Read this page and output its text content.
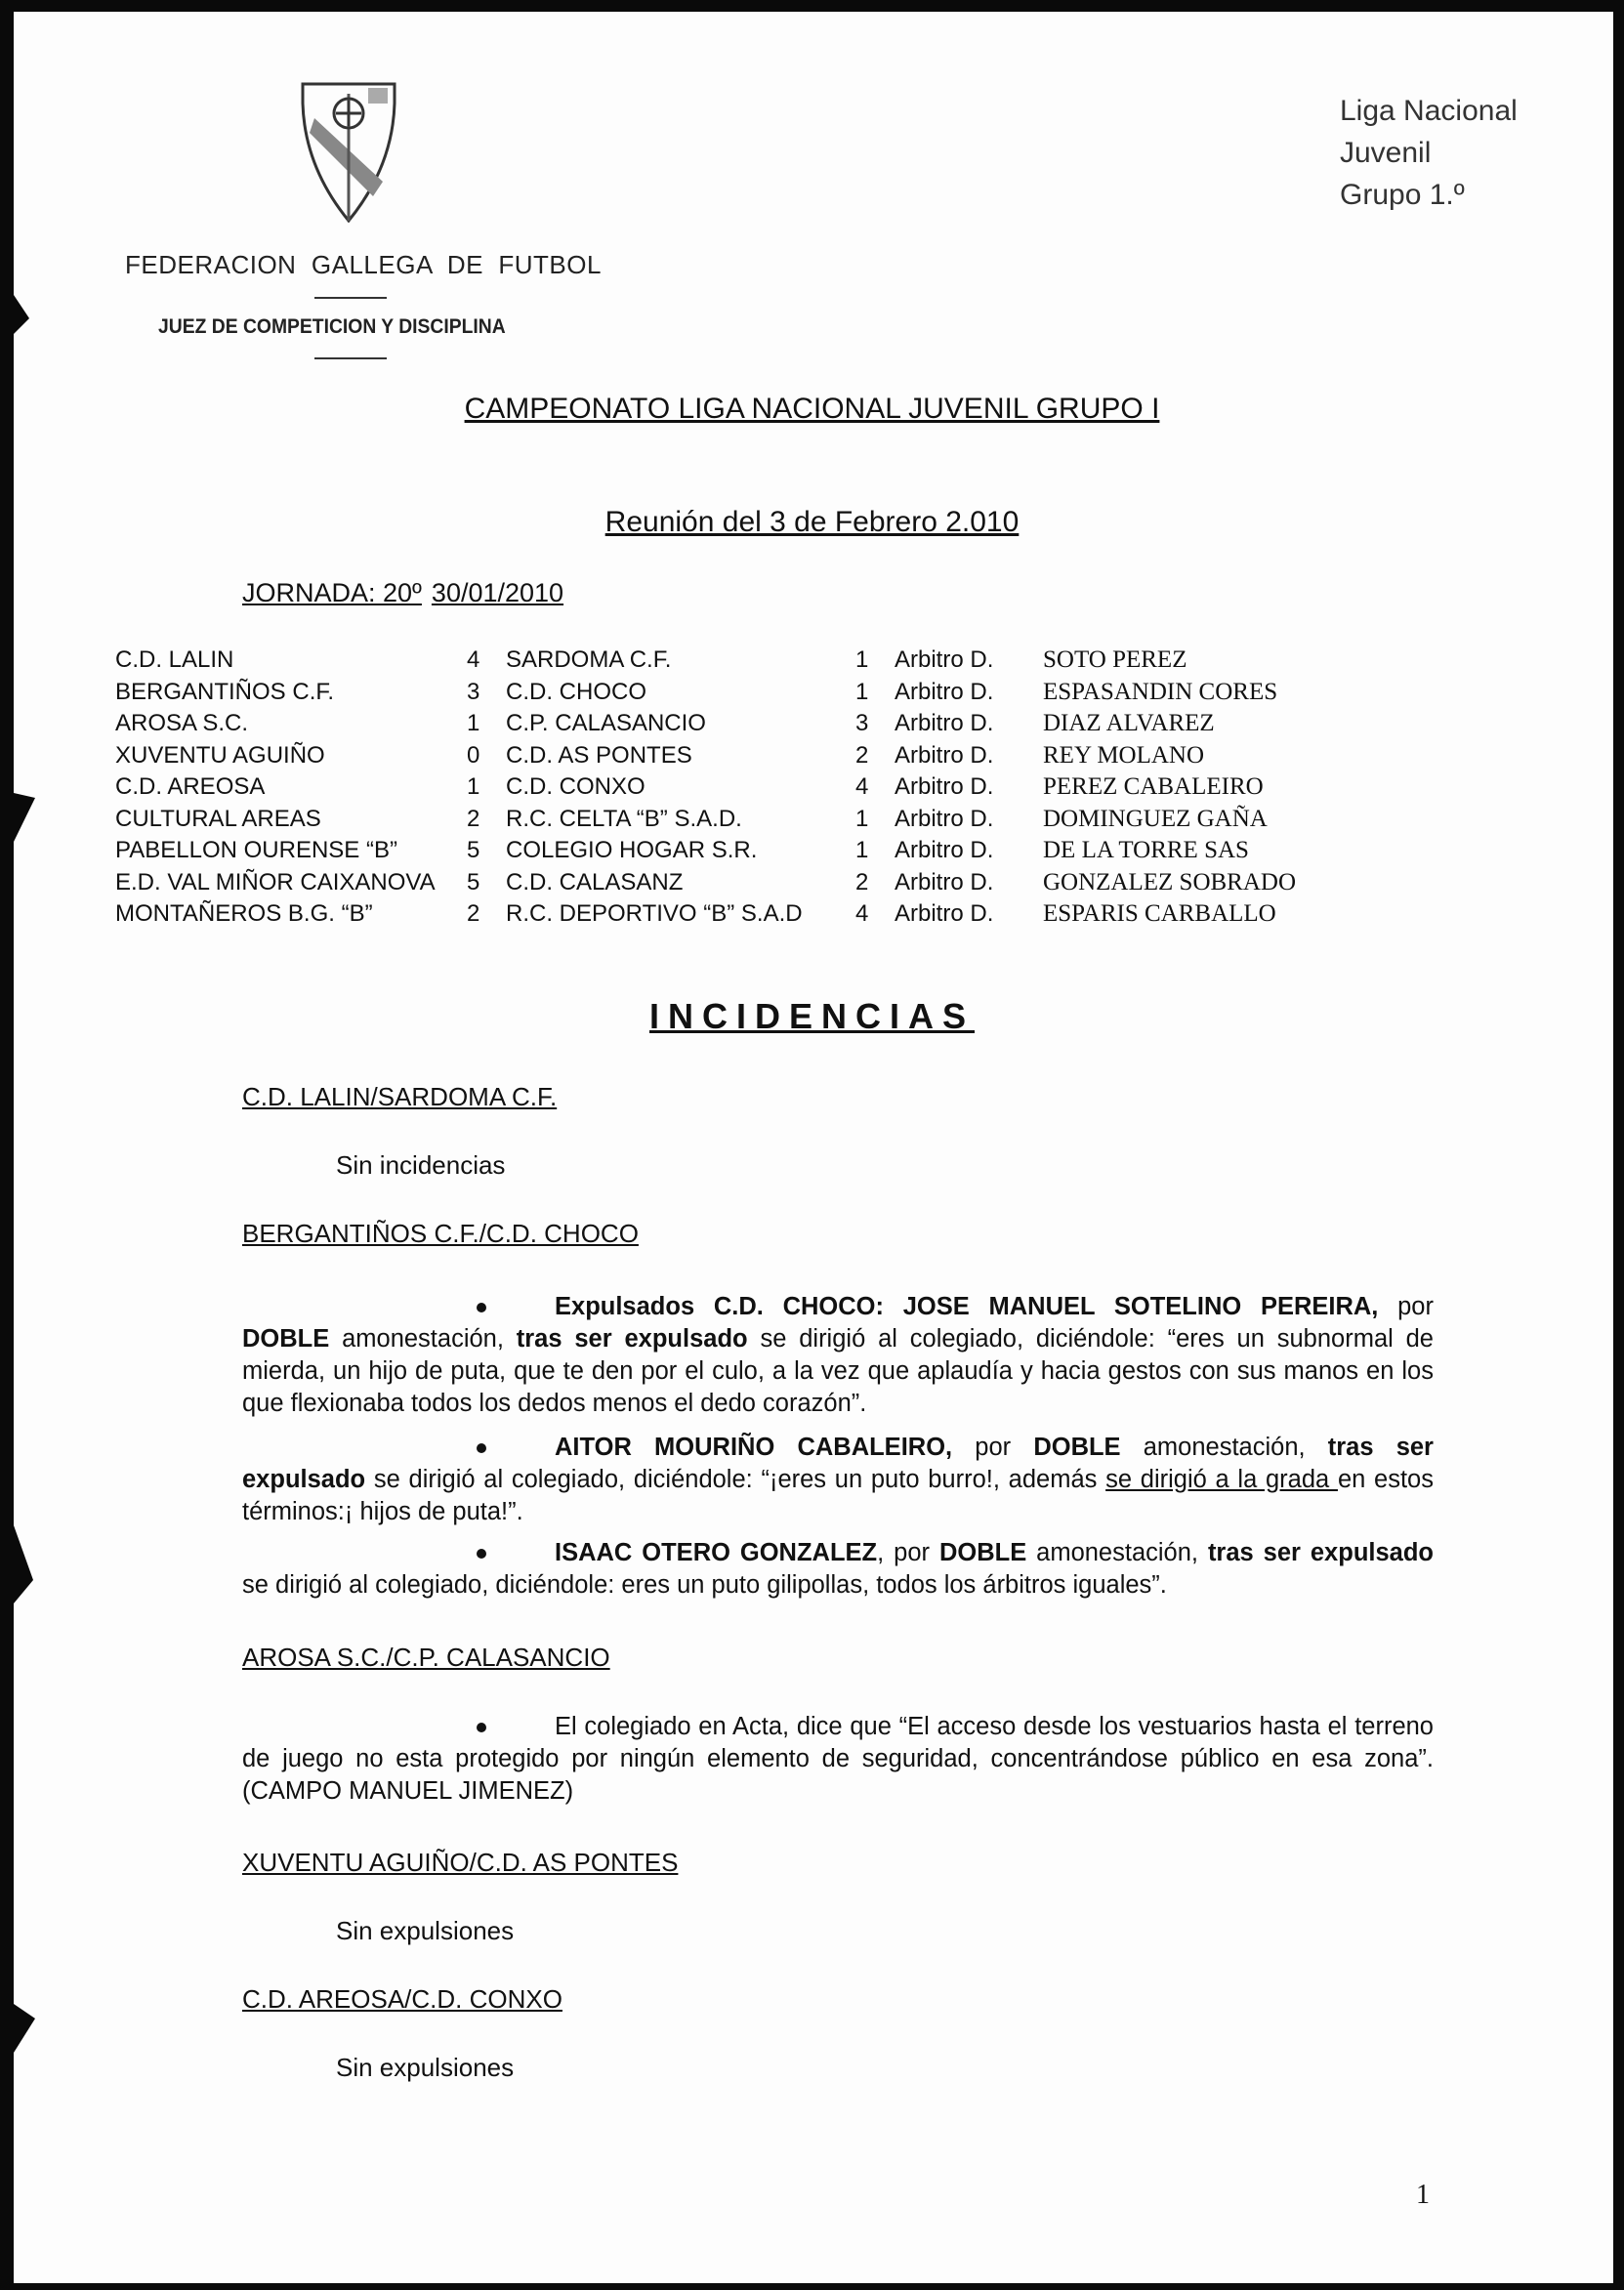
FEDERACION  GALLEGA  DE  FUTBOL
JUEZ DE COMPETICION Y DISCIPLINA
Liga Nacional
Juvenil
Grupo 1.º
CAMPEONATO LIGA NACIONAL JUVENIL GRUPO I
Reunión del 3 de Febrero 2.010
JORNADA: 20º 30/01/2010
C.D. LALIN	4	SARDOMA C.F.	1	Arbitro D.	SOTO PEREZ
BERGANTIÑOS C.F.	3	C.D. CHOCO	1	Arbitro D.	ESPASANDIN CORES
AROSA S.C.	1	C.P. CALASANCIO	3	Arbitro D.	DIAZ ALVAREZ
XUVENTU AGUIÑO	0	C.D. AS PONTES	2	Arbitro D.	REY MOLANO
C.D. AREOSA	1	C.D. CONXO	4	Arbitro D.	PEREZ CABALEIRO
CULTURAL AREAS	2	R.C. CELTA “B” S.A.D.	1	Arbitro D.	DOMINGUEZ GAÑA
PABELLON OURENSE “B”	5	COLEGIO HOGAR S.R.	1	Arbitro D.	DE LA TORRE SAS
E.D. VAL MIÑOR CAIXANOVA	5	C.D. CALASANZ	2	Arbitro D.	GONZALEZ SOBRADO
MONTAÑEROS B.G. “B”	2	R.C. DEPORTIVO “B” S.A.D	4	Arbitro D.	ESPARIS CARBALLO
INCIDENCIAS
C.D. LALIN/SARDOMA C.F.
Sin incidencias
BERGANTIÑOS C.F./C.D. CHOCO
Expulsados C.D. CHOCO: JOSE MANUEL SOTELINO PEREIRA, por DOBLE amonestación, tras ser expulsado se dirigió al colegiado, diciéndole: “eres un subnormal de mierda, un hijo de puta, que te den por el culo, a la vez que aplaudía y hacia gestos con sus manos en los que flexionaba todos los dedos menos el dedo corazón”.
AITOR MOURIÑO CABALEIRO, por DOBLE amonestación, tras ser expulsado se dirigió al colegiado, diciéndole: “¡eres un puto burro!, además se dirigió a la grada en estos términos:¡ hijos de puta!”.
ISAAC OTERO GONZALEZ, por DOBLE amonestación, tras ser expulsado se dirigió al colegiado, diciéndole: eres un puto gilipollas, todos los árbitros iguales”.
AROSA S.C./C.P. CALASANCIO
El colegiado en Acta, dice que “El acceso desde los vestuarios hasta el terreno de juego no esta protegido por ningún elemento de seguridad, concentrándose público en esa zona”. (CAMPO MANUEL JIMENEZ)
XUVENTU AGUIÑO/C.D. AS PONTES
Sin expulsiones
C.D. AREOSA/C.D. CONXO
Sin expulsiones
1
